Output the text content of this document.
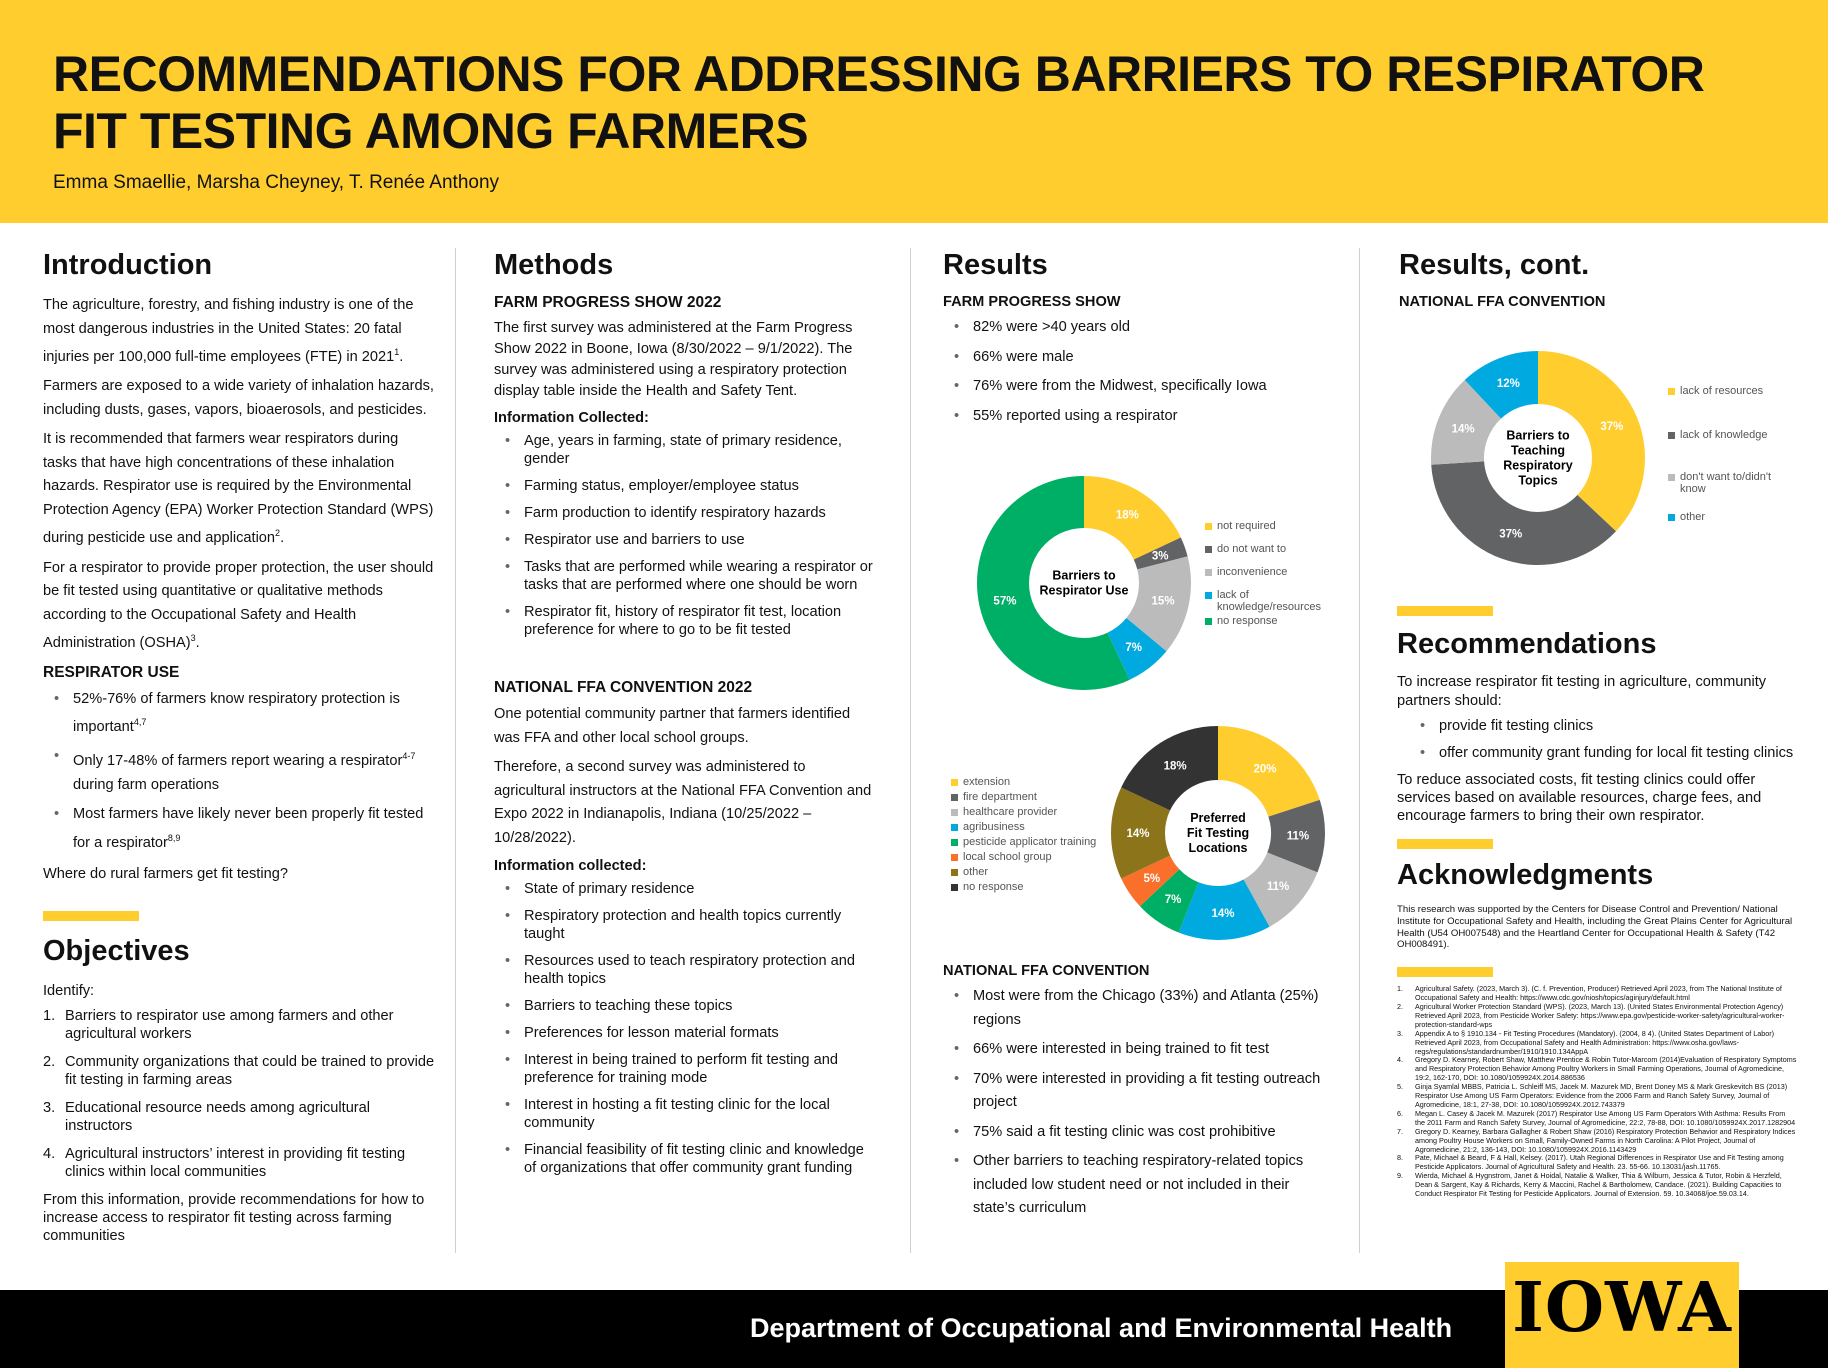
RECOMMENDATIONS FOR ADDRESSING BARRIERS TO RESPIRATOR FIT TESTING AMONG FARMERS
Emma Smaellie, Marsha Cheyney, T. Renée Anthony
Introduction

The agriculture, forestry, and fishing industry is one of the most dangerous industries in the United States: 20 fatal injuries per 100,000 full-time employees (FTE) in 2021$^1$.

Farmers are exposed to a wide variety of inhalation hazards, including dusts, gases, vapors, bioaerosols, and pesticides.

It is recommended that farmers wear respirators during tasks that have high concentrations of these inhalation hazards. Respirator use is required by the Environmental Protection Agency (EPA) Worker Protection Standard (WPS) during pesticide use and application$^2$.

For a respirator to provide proper protection, the user should be fit tested using quantitative or qualitative methods according to the Occupational Safety and Health Administration (OSHA)$^3$.

RESPIRATOR USE
• 52%-76% of farmers know respiratory protection is important$^{4,7}$
• Only 17-48% of farmers report wearing a respirator$^{4-7}$ during farm operations
• Most farmers have likely never been properly fit tested for a respirator$^{8,9}$

Where do rural farmers get fit testing?

Objectives

Identify:

1. Barriers to respirator use among farmers and other agricultural workers
2. Community organizations that could be trained to provide fit testing in farming areas
3. Educational resource needs among agricultural instructors
4. Agricultural instructors’ interest in providing fit testing clinics within local communities

From this information, provide recommendations for how to increase access to respirator fit testing across farming communities

Methods
FARM PROGRESS SHOW 2022

The first survey was administered at the Farm Progress Show 2022 in Boone, Iowa (8/30/2022 – 9/1/2022). The survey was administered using a respiratory protection display table inside the Health and Safety Tent.

Information Collected:
• Age, years in farming, state of primary residence, gender
• Farming status, employer/employee status
• Farm production to identify respiratory hazards
• Respirator use and barriers to use
• Tasks that are performed while wearing a respirator or tasks that are performed where one should be worn
• Respirator fit, history of respirator fit test, location preference for where to go to be fit tested
NATIONAL FFA CONVENTION 2022

One potential community partner that farmers identified was FFA and other local school groups.

Therefore, a second survey was administered to agricultural instructors at the National FFA Convention and Expo 2022 in Indianapolis, Indiana (10/25/2022 – 10/28/2022).

Information collected:
• State of primary residence
• Respiratory protection and health topics currently taught
• Resources used to teach respiratory protection and health topics
• Barriers to teaching these topics
• Preferences for lesson material formats
• Interest in being trained to perform fit testing and preference for training mode
• Interest in hosting a fit testing clinic for the local community
• Financial feasibility of fit testing clinic and knowledge of organizations that offer community grant funding
Results
FARM PROGRESS SHOW
• 82% were >40 years old
• 66% were male
• 76% were from the Midwest, specifically Iowa
• 55% reported using a respirator
NATIONAL FFA CONVENTION
• Most were from the Chicago (33%) and Atlanta (25%) regions
• 66% were interested in being trained to fit test
• 70% were interested in providing a fit testing outreach project
• 75% said a fit testing clinic was cost prohibitive
• Other barriers to teaching respiratory-related topics included low student need or not included in their state’s curriculum
18%
3%
15%
7%
57%
Barriers to Respirator Use
not required
do not want to
inconvenience
lack of knowledge/resources
no response
20%
11%
11%
14%
7%
5%
14%
18%
Preferred Fit Testing Locations
extension
fire department
healthcare provider
agribusiness
pesticide applicator training
local school group
other
no response
Results, cont.
NATIONAL FFA CONVENTION
37%
37%
14%
12%
Barriers to Teaching Respiratory Topics
lack of resources
lack of knowledge
don't want to/didn't know
other
Recommendations

To increase respirator fit testing in agriculture, community partners should:

• provide fit testing clinics
• offer community grant funding for local fit testing clinics

To reduce associated costs, fit testing clinics could offer services based on available resources, charge fees, and encourage farmers to bring their own respirator.

Acknowledgments
This research was supported by the Centers for Disease Control and Prevention/ National Institute for Occupational Safety and Health, including the Great Plains Center for Agricultural Health (U54 OH007548) and the Heartland Center for Occupational Health & Safety (T42 OH008491).
1.	Agricultural Safety. (2023, March 3). (C. f. Prevention, Producer) Retrieved April 2023, from The National Institute of Occupational Safety and Health: https://www.cdc.gov/niosh/topics/aginjury/default.html
2.	Agricultural Worker Protection Standard (WPS). (2023, March 13). (United States Environmental Protection Agency) Retrieved April 2023, from Pesticide Worker Safety: https://www.epa.gov/pesticide-worker-safety/agricultural-worker-protection-standard-wps
3.	Appendix A to § 1910.134 - Fit Testing Procedures (Mandatory). (2004, 8 4). (United States Department of Labor) Retrieved April 2023, from Occupational Safety and Health Administration: https://www.osha.gov/laws-regs/regulations/standardnumber/1910/1910.134AppA
4.	Gregory D. Kearney, Robert Shaw, Matthew Prentice & Robin Tutor-Marcom (2014)Evaluation of Respiratory Symptoms and Respiratory Protection Behavior Among Poultry Workers in Small Farming Operations, Journal of Agromedicine, 19:2, 162-170, DOI: 10.1080/1059924X.2014.886536
5.	Ginja Syamlal MBBS, Patricia L. Schleiff MS, Jacek M. Mazurek MD, Brent Doney MS & Mark Greskevitch BS (2013) Respirator Use Among US Farm Operators: Evidence from the 2006 Farm and Ranch Safety Survey, Journal of Agromedicine, 18:1, 27-38, DOI: 10.1080/1059924X.2012.743379
6.	Megan L. Casey & Jacek M. Mazurek (2017) Respirator Use Among US Farm Operators With Asthma: Results From the 2011 Farm and Ranch Safety Survey, Journal of Agromedicine, 22:2, 78-88, DOI: 10.1080/1059924X.2017.1282904
7.	Gregory D. Kearney, Barbara Gallagher & Robert Shaw (2016) Respiratory Protection Behavior and Respiratory Indices among Poultry House Workers on Small, Family-Owned Farms in North Carolina: A Pilot Project, Journal of Agromedicine, 21:2, 136-143, DOI: 10.1080/1059924X.2016.1143429
8.	Pate, Michael & Beard, F & Hall, Kelsey. (2017). Utah Regional Differences in Respirator Use and Fit Testing among Pesticide Applicators. Journal of Agricultural Safety and Health. 23. 55-66. 10.13031/jash.11765.
9.	Wierda, Michael & Hygnstrom, Janet & Hoidal, Natalie & Walker, Thia & Wilburn, Jessica & Tutor, Robin & Herzfeld, Dean & Sargent, Kay & Richards, Kerry & Maccini, Rachel & Bartholomew, Candace. (2021). Building Capacities to Conduct Respirator Fit Testing for Pesticide Applicators. Journal of Extension. 59. 10.34068/joe.59.03.14.
Department of Occupational and Environmental Health IOWA
